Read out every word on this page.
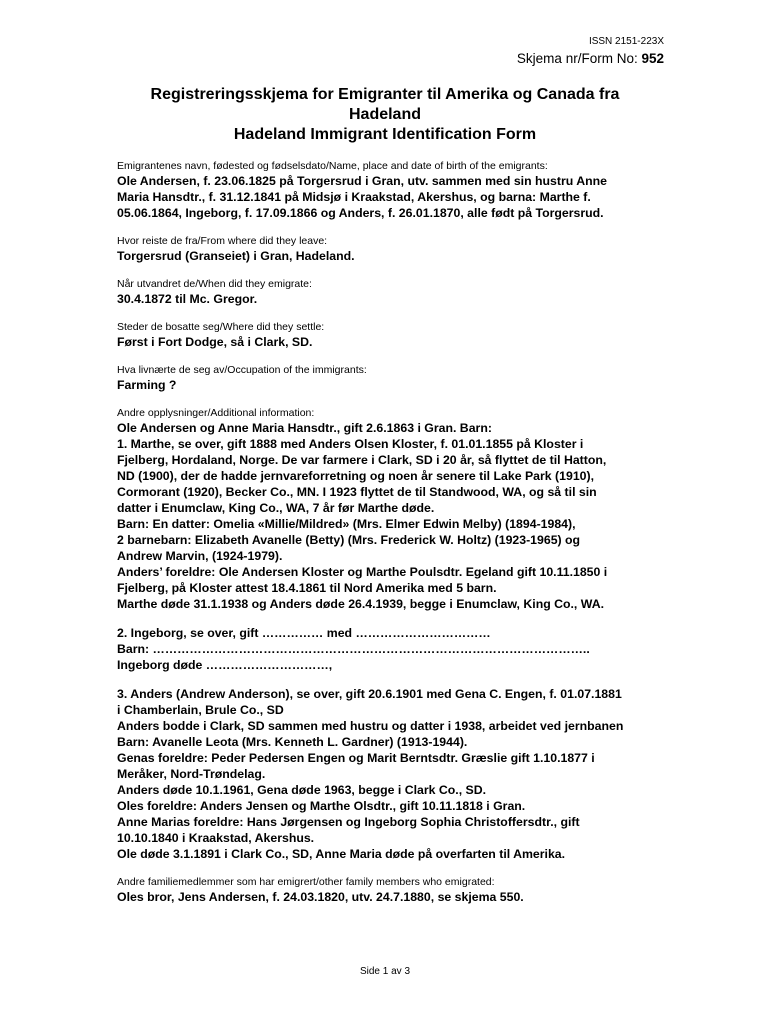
ISSN 2151-223X
Skjema nr/Form No: 952
Registreringsskjema for Emigranter til Amerika og Canada fra
Hadeland
Hadeland Immigrant Identification Form

Emigrantenes navn, fødested og fødselsdato/Name, place and date of birth of the emigrants:

Ole Andersen, f. 23.06.1825 på Torgersrud i Gran, utv. sammen med sin hustru Anne
Maria Hansdtr., f. 31.12.1841 på Midsjø i Kraakstad, Akershus, og barna: Marthe f.
05.06.1864, Ingeborg, f. 17.09.1866 og Anders, f. 26.01.1870, alle født på Torgersrud.

Hvor reiste de fra/From where did they leave:

Torgersrud (Granseiet) i Gran, Hadeland.

Når utvandret de/When did they emigrate:

30.4.1872 til Mc. Gregor.

Steder de bosatte seg/Where did they settle:

Først i Fort Dodge, så i Clark, SD.

Hva livnærte de seg av/Occupation of the immigrants:

Farming ?

Andre opplysninger/Additional information:

Ole Andersen og Anne Maria Hansdtr., gift 2.6.1863 i Gran. Barn:
1. Marthe, se over, gift 1888 med Anders Olsen Kloster, f. 01.01.1855 på Kloster i
Fjelberg, Hordaland, Norge. De var farmere i Clark, SD i 20 år, så flyttet de til Hatton,
ND (1900), der de hadde jernvareforretning og noen år senere til Lake Park (1910),
Cormorant (1920), Becker Co., MN. I 1923 flyttet de til Standwood, WA, og så til sin
datter i Enumclaw, King Co., WA, 7 år før Marthe døde.
Barn: En datter: Omelia «Millie/Mildred» (Mrs. Elmer Edwin Melby) (1894-1984),
2 barnebarn: Elizabeth Avanelle (Betty) (Mrs. Frederick W. Holtz) (1923-1965) og
Andrew Marvin, (1924-1979).
Anders’ foreldre: Ole Andersen Kloster og Marthe Poulsdtr. Egeland gift 10.11.1850 i
Fjelberg, på Kloster attest 18.4.1861 til Nord Amerika med 5 barn.
Marthe døde 31.1.1938 og Anders døde 26.4.1939, begge i Enumclaw, King Co., WA.

2. Ingeborg, se over, gift …………… med ……………………………
Barn: ……………………………………………………………………………………………..
Ingeborg døde …………………………,

3. Anders (Andrew Anderson), se over, gift 20.6.1901 med Gena C. Engen, f. 01.07.1881
i Chamberlain, Brule Co., SD
Anders bodde i Clark, SD sammen med hustru og datter i 1938, arbeidet ved jernbanen
Barn: Avanelle Leota (Mrs. Kenneth L. Gardner) (1913-1944).
Genas foreldre: Peder Pedersen Engen og Marit Berntsdtr. Græslie gift 1.10.1877 i
Meråker, Nord-Trøndelag.
Anders døde 10.1.1961, Gena døde 1963, begge i Clark Co., SD.
Oles foreldre: Anders Jensen og Marthe Olsdtr., gift 10.11.1818 i Gran.
Anne Marias foreldre: Hans Jørgensen og Ingeborg Sophia Christoffersdtr., gift
10.10.1840 i Kraakstad, Akershus.
Ole døde 3.1.1891 i Clark Co., SD, Anne Maria døde på overfarten til Amerika.

Andre familiemedlemmer som har emigrert/other family members who emigrated:

Oles bror, Jens Andersen, f. 24.03.1820, utv. 24.7.1880, se skjema 550.

Side 1 av 3
